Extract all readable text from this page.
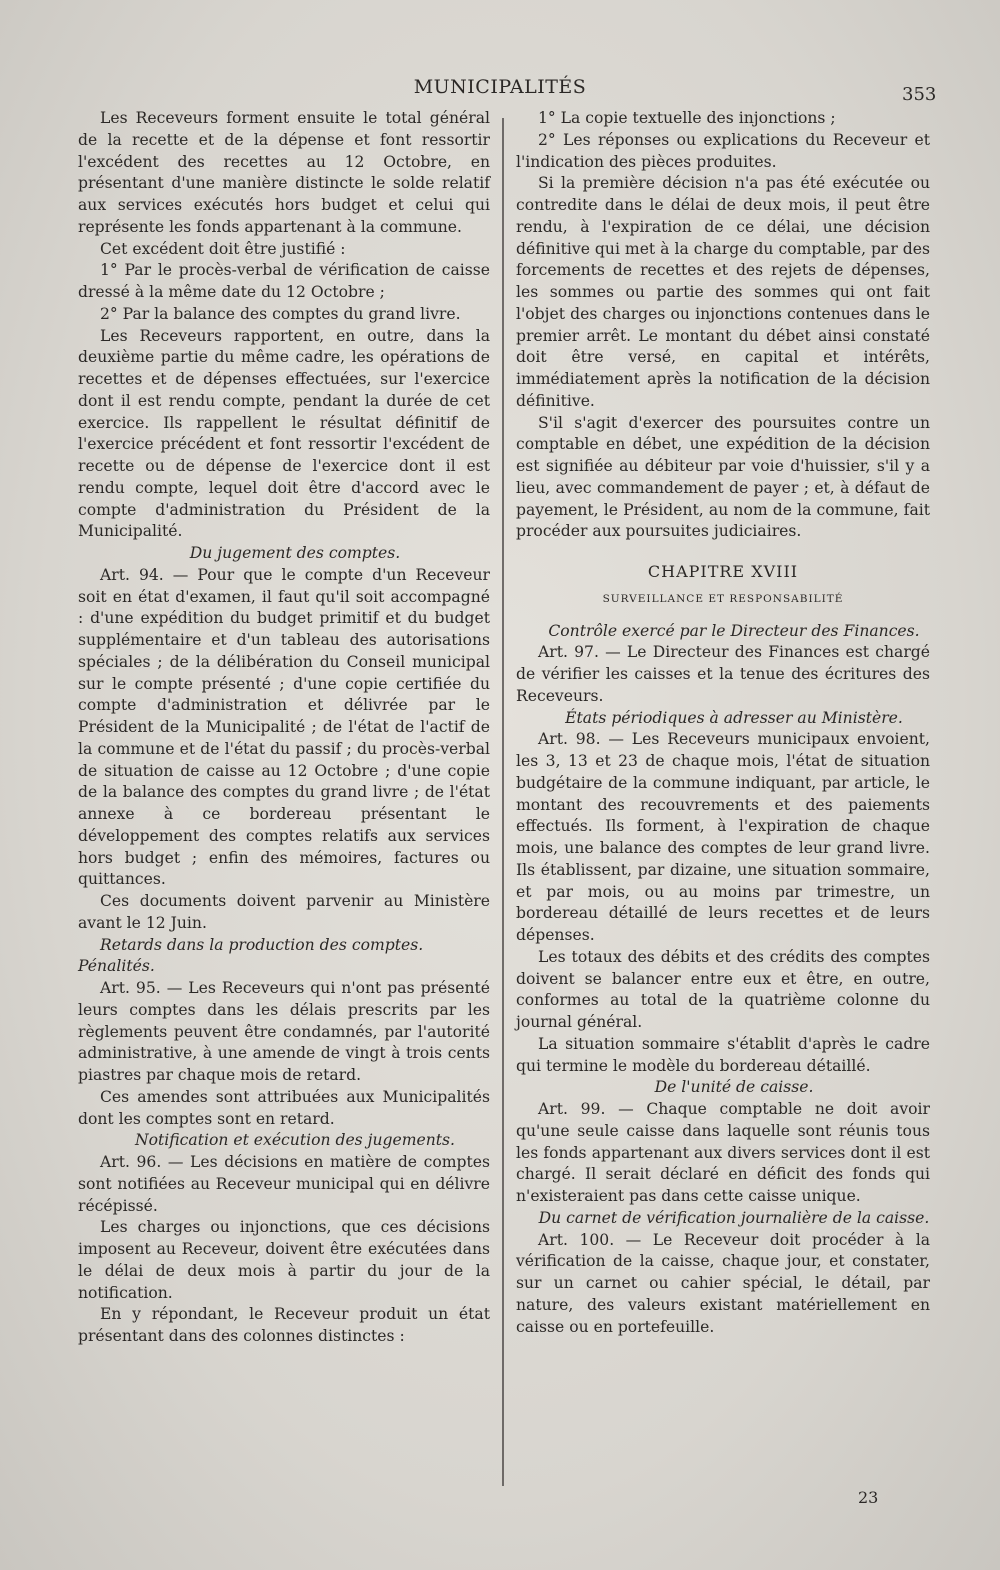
MUNICIPALITÉS	353

Les Receveurs forment ensuite le total général de la recette et de la dépense et font ressortir l'excédent des recettes au 12 Octobre, en présentant d'une manière distincte le solde relatif aux services exécutés hors budget et celui qui représente les fonds appartenant à la commune.

Cet excédent doit être justifié :

1° Par le procès-verbal de vérification de caisse dressé à la même date du 12 Octobre ;

2° Par la balance des comptes du grand livre.

Les Receveurs rapportent, en outre, dans la deuxième partie du même cadre, les opérations de recettes et de dépenses effectuées, sur l'exercice dont il est rendu compte, pendant la durée de cet exercice. Ils rappellent le résultat définitif de l'exercice précédent et font ressortir l'excédent de recette ou de dépense de l'exercice dont il est rendu compte, lequel doit être d'accord avec le compte d'administration du Président de la Municipalité.

Du jugement des comptes.

Art. 94. — Pour que le compte d'un Receveur soit en état d'examen, il faut qu'il soit accompagné : d'une expédition du budget primitif et du budget supplémentaire et d'un tableau des autorisations spéciales ; de la délibération du Conseil municipal sur le compte présenté ; d'une copie certifiée du compte d'administration et délivrée par le Président de la Municipalité ; de l'état de l'actif de la commune et de l'état du passif ; du procès-verbal de situation de caisse au 12 Octobre ; d'une copie de la balance des comptes du grand livre ; de l'état annexe à ce bordereau présentant le développement des comptes relatifs aux services hors budget ; enfin des mémoires, factures ou quittances.

Ces documents doivent parvenir au Ministère avant le 12 Juin.

Retards dans la production des comptes. Pénalités.

Art. 95. — Les Receveurs qui n'ont pas présenté leurs comptes dans les délais prescrits par les règlements peuvent être condamnés, par l'autorité administrative, à une amende de vingt à trois cents piastres par chaque mois de retard.

Ces amendes sont attribuées aux Municipalités dont les comptes sont en retard.

Notification et exécution des jugements.

Art. 96. — Les décisions en matière de comptes sont notifiées au Receveur municipal qui en délivre récépissé.

Les charges ou injonctions, que ces décisions imposent au Receveur, doivent être exécutées dans le délai de deux mois à partir du jour de la notification.

En y répondant, le Receveur produit un état présentant dans des colonnes distinctes :

1° La copie textuelle des injonctions ;

2° Les réponses ou explications du Receveur et l'indication des pièces produites.

Si la première décision n'a pas été exécutée ou contredite dans le délai de deux mois, il peut être rendu, à l'expiration de ce délai, une décision définitive qui met à la charge du comptable, par des forcements de recettes et des rejets de dépenses, les sommes ou partie des sommes qui ont fait l'objet des charges ou injonctions contenues dans le premier arrêt. Le montant du débet ainsi constaté doit être versé, en capital et intérêts, immédiatement après la notification de la décision définitive.

S'il s'agit d'exercer des poursuites contre un comptable en débet, une expédition de la décision est signifiée au débiteur par voie d'huissier, s'il y a lieu, avec commandement de payer ; et, à défaut de payement, le Président, au nom de la commune, fait procéder aux poursuites judiciaires.

CHAPITRE XVIII
SURVEILLANCE ET RESPONSABILITÉ

Contrôle exercé par le Directeur des Finances.

Art. 97. — Le Directeur des Finances est chargé de vérifier les caisses et la tenue des écritures des Receveurs.

États périodiques à adresser au Ministère.

Art. 98. — Les Receveurs municipaux envoient, les 3, 13 et 23 de chaque mois, l'état de situation budgétaire de la commune indiquant, par article, le montant des recouvrements et des paiements effectués. Ils forment, à l'expiration de chaque mois, une balance des comptes de leur grand livre. Ils établissent, par dizaine, une situation sommaire, et par mois, ou au moins par trimestre, un bordereau détaillé de leurs recettes et de leurs dépenses.

Les totaux des débits et des crédits des comptes doivent se balancer entre eux et être, en outre, conformes au total de la quatrième colonne du journal général.

La situation sommaire s'établit d'après le cadre qui termine le modèle du bordereau détaillé.

De l'unité de caisse.

Art. 99. — Chaque comptable ne doit avoir qu'une seule caisse dans laquelle sont réunis tous les fonds appartenant aux divers services dont il est chargé. Il serait déclaré en déficit des fonds qui n'existeraient pas dans cette caisse unique.

Du carnet de vérification journalière de la caisse.

Art. 100. — Le Receveur doit procéder à la vérification de la caisse, chaque jour, et constater, sur un carnet ou cahier spécial, le détail, par nature, des valeurs existant matériellement en caisse ou en portefeuille.

23
